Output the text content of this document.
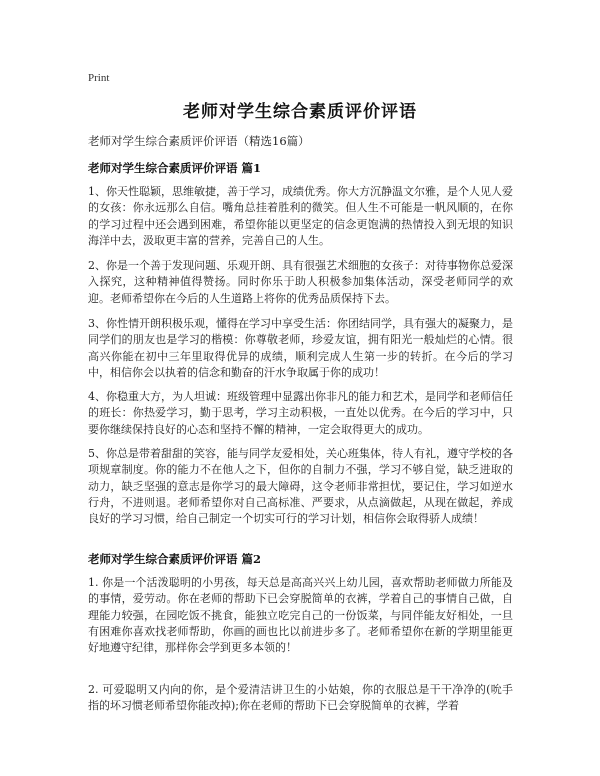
Print
老师对学生综合素质评价评语
老师对学生综合素质评价评语（精选16篇）
老师对学生综合素质评价评语 篇1
1、你天性聪颖，思维敏捷，善于学习，成绩优秀。你大方沉静温文尔雅，是个人见人爱的女孩：你永远那么自信。嘴角总挂着胜利的微笑。但人生不可能是一帆风顺的，在你的学习过程中还会遇到困难，希望你能以更坚定的信念更饱满的热情投入到无垠的知识海洋中去，汲取更丰富的营养，完善自己的人生。
2、你是一个善于发现问题、乐观开朗、具有很强艺术细胞的女孩子：对待事物你总爱深入探究，这种精神值得赞扬。同时你乐于助人积极参加集体活动，深受老师同学的欢迎。老师希望你在今后的人生道路上将你的优秀品质保持下去。
3、你性情开朗积极乐观，懂得在学习中享受生活：你团结同学，具有强大的凝聚力，是同学们的朋友也是学习的楷模：你尊敬老师，珍爱友谊，拥有阳光一般灿烂的心情。很高兴你能在初中三年里取得优异的成绩，顺利完成人生第一步的转折。在今后的学习中，相信你会以执着的信念和勤奋的汗水争取属于你的成功！
4、你稳重大方，为人坦诚：班级管理中显露出你非凡的能力和艺术，是同学和老师信任的班长：你热爱学习，勤于思考，学习主动积极，一直处以优秀。在今后的学习中，只要你继续保持良好的心态和坚持不懈的精神，一定会取得更大的成功。
5、你总是带着甜甜的笑容，能与同学友爱相处，关心班集体，待人有礼，遵守学校的各项规章制度。你的能力不在他人之下，但你的自制力不强，学习不够自觉，缺乏进取的动力，缺乏坚强的意志是你学习的最大障碍，这令老师非常担忧，要记住，学习如逆水行舟，不进则退。老师希望你对自己高标准、严要求，从点滴做起，从现在做起，养成良好的学习习惯，给自己制定一个切实可行的学习计划，相信你会取得骄人成绩！
老师对学生综合素质评价评语 篇2
1. 你是一个活泼聪明的小男孩，每天总是高高兴兴上幼儿园，喜欢帮助老师做力所能及的事情，爱劳动。你在老师的帮助下已会穿脱简单的衣裤，学着自己的事情自己做，自理能力较强，在园吃饭不挑食，能独立吃完自己的一份饭菜，与同伴能友好相处，一旦有困难你喜欢找老师帮助，你画的画也比以前进步多了。老师希望你在新的学期里能更好地遵守纪律，那样你会学到更多本领的！
2. 可爱聪明又内向的你，是个爱清洁讲卫生的小姑娘，你的衣服总是干干净净的(吮手指的坏习惯老师希望你能改掉);你在老师的帮助下已会穿脱简单的衣裤，学着
